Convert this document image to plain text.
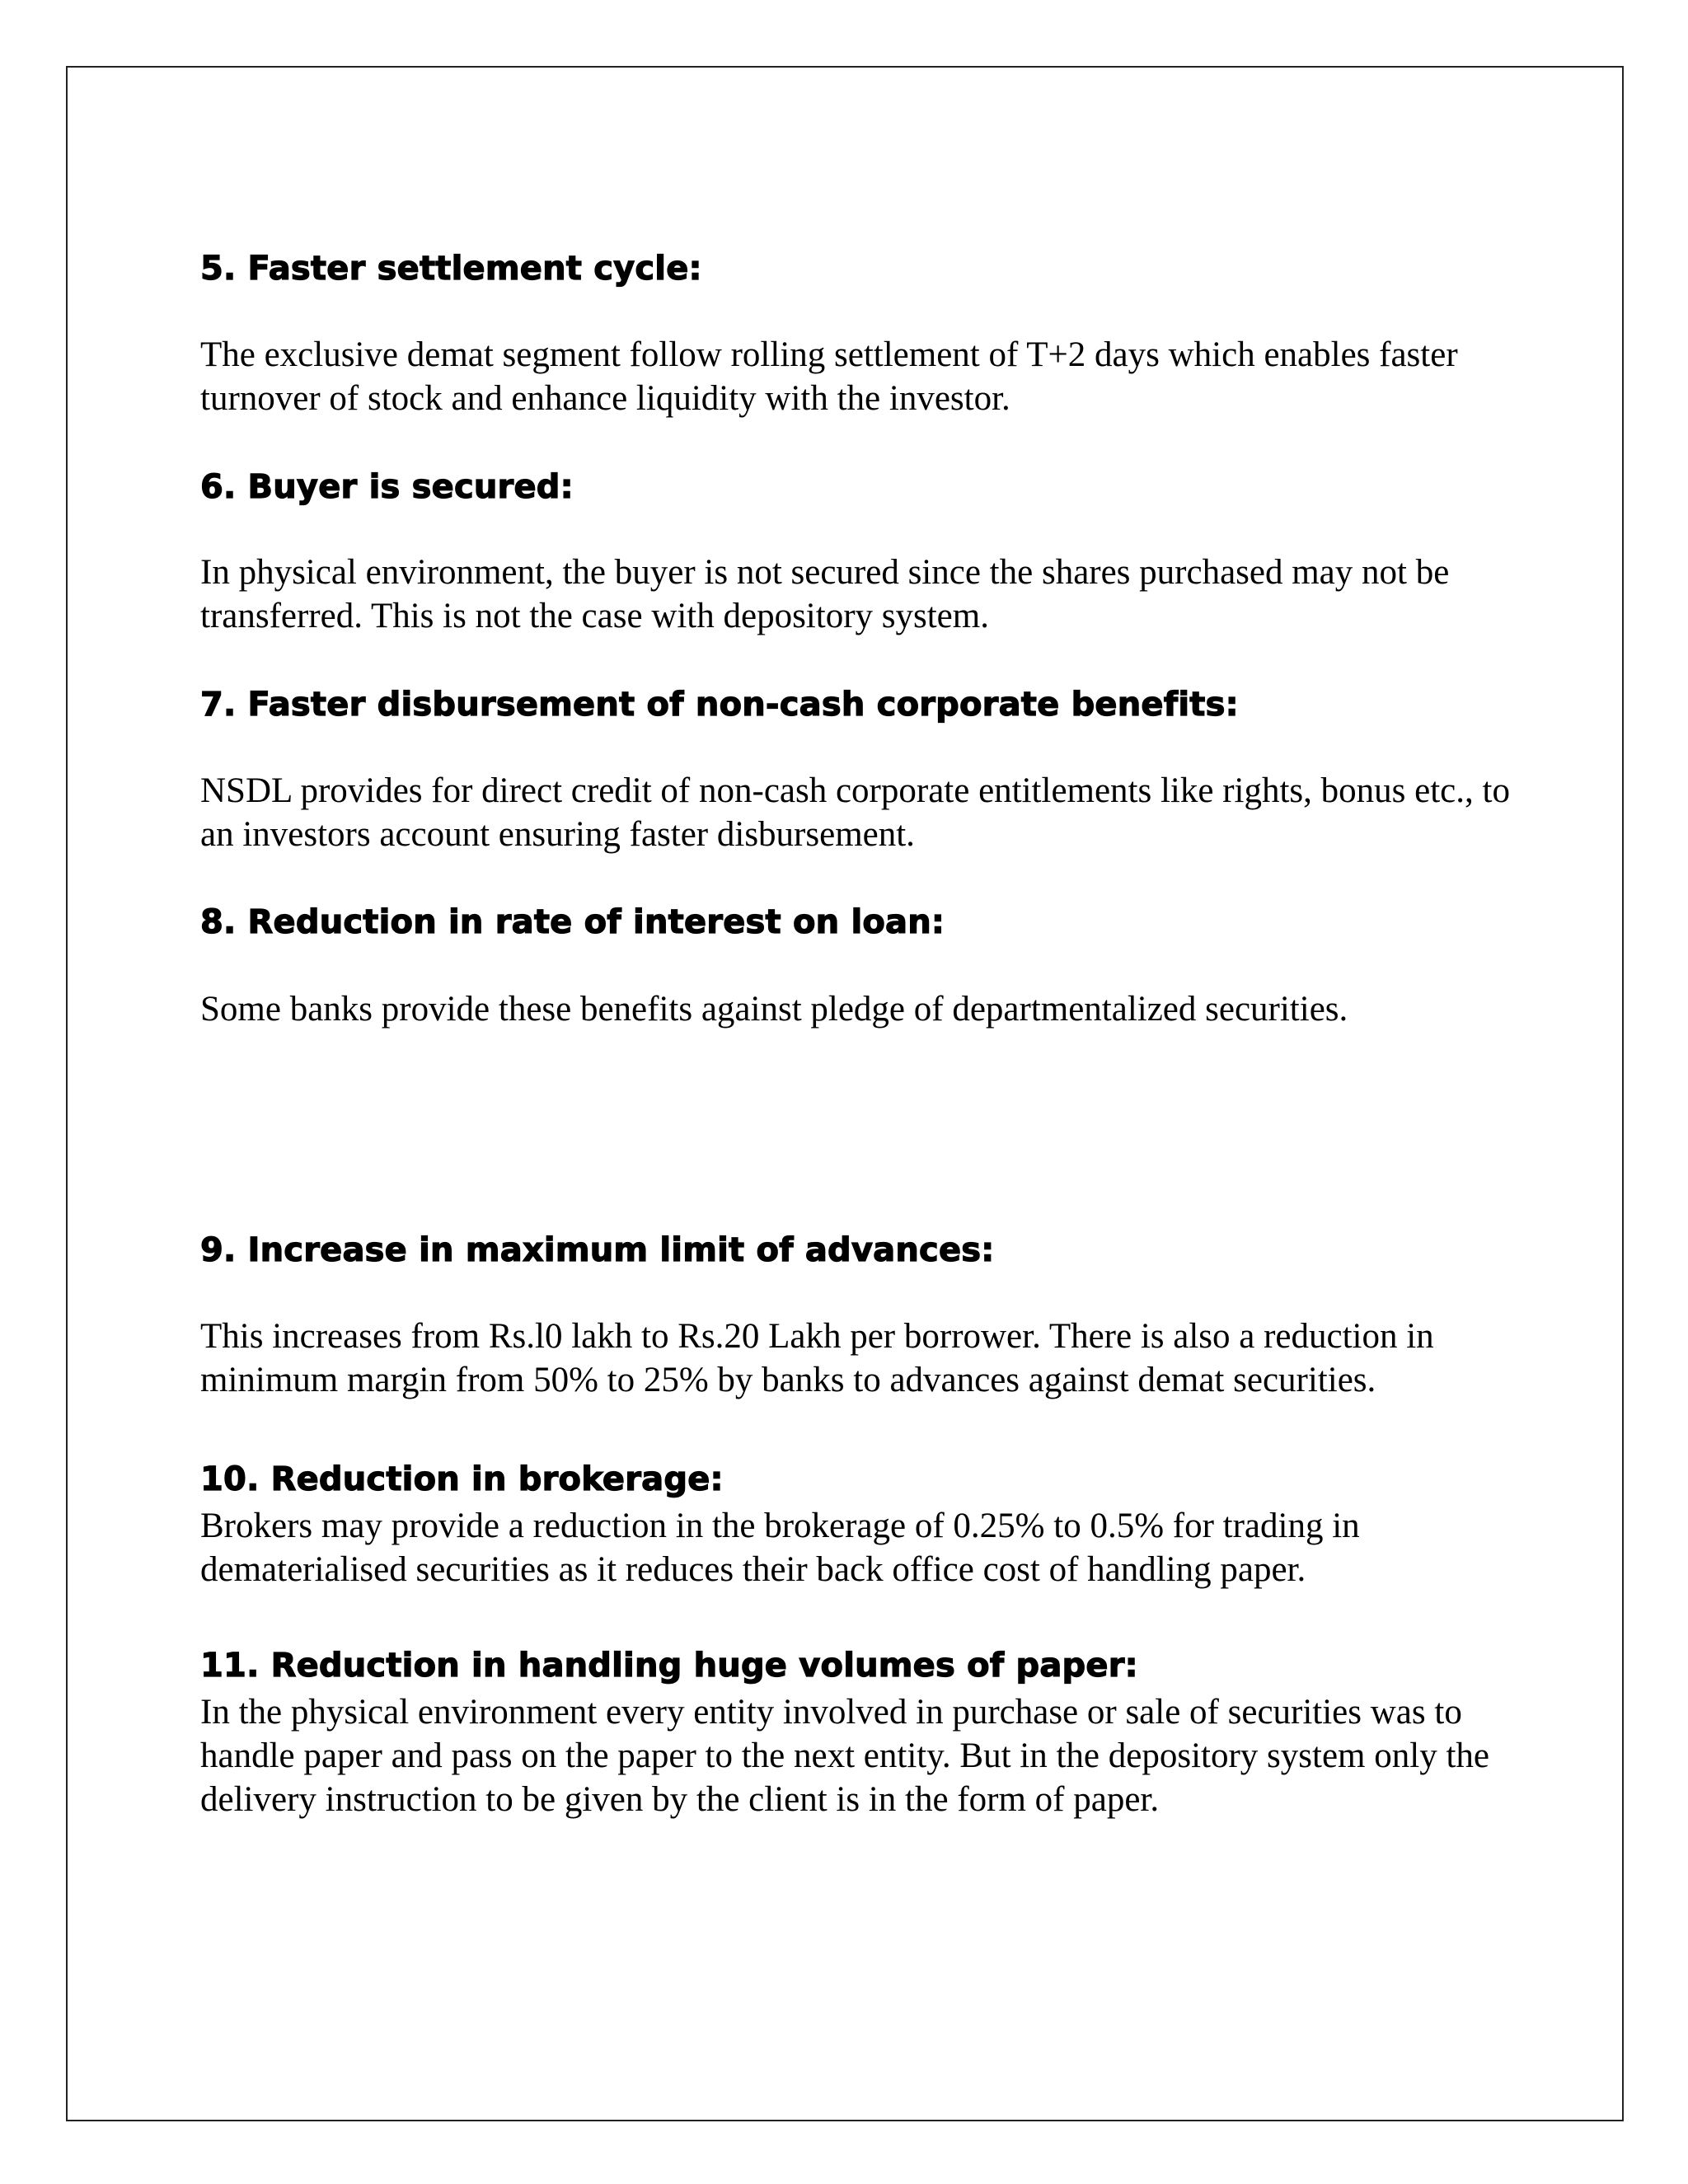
5. Faster settlement cycle:

The exclusive demat segment follow rolling settlement of T+2 days which enables faster turnover of stock and enhance liquidity with the investor.

6. Buyer is secured:

In physical environment, the buyer is not secured since the shares purchased may not be transferred. This is not the case with depository system.

7. Faster disbursement of non-cash corporate benefits:

NSDL provides for direct credit of non-cash corporate entitlements like rights, bonus etc., to an investors account ensuring faster disbursement.

8. Reduction in rate of interest on loan:

Some banks provide these benefits against pledge of departmentalized securities.

9. Increase in maximum limit of advances:

This increases from Rs.l0 lakh to Rs.20 Lakh per borrower. There is also a reduction in minimum margin from 50% to 25% by banks to advances against demat securities.

10. Reduction in brokerage:

Brokers may provide a reduction in the brokerage of 0.25% to 0.5% for trading in dematerialised securities as it reduces their back office cost of handling paper.

11. Reduction in handling huge volumes of paper:

In the physical environment every entity involved in purchase or sale of securities was to handle paper and pass on the paper to the next entity. But in the depository system only the delivery instruction to be given by the client is in the form of paper.
